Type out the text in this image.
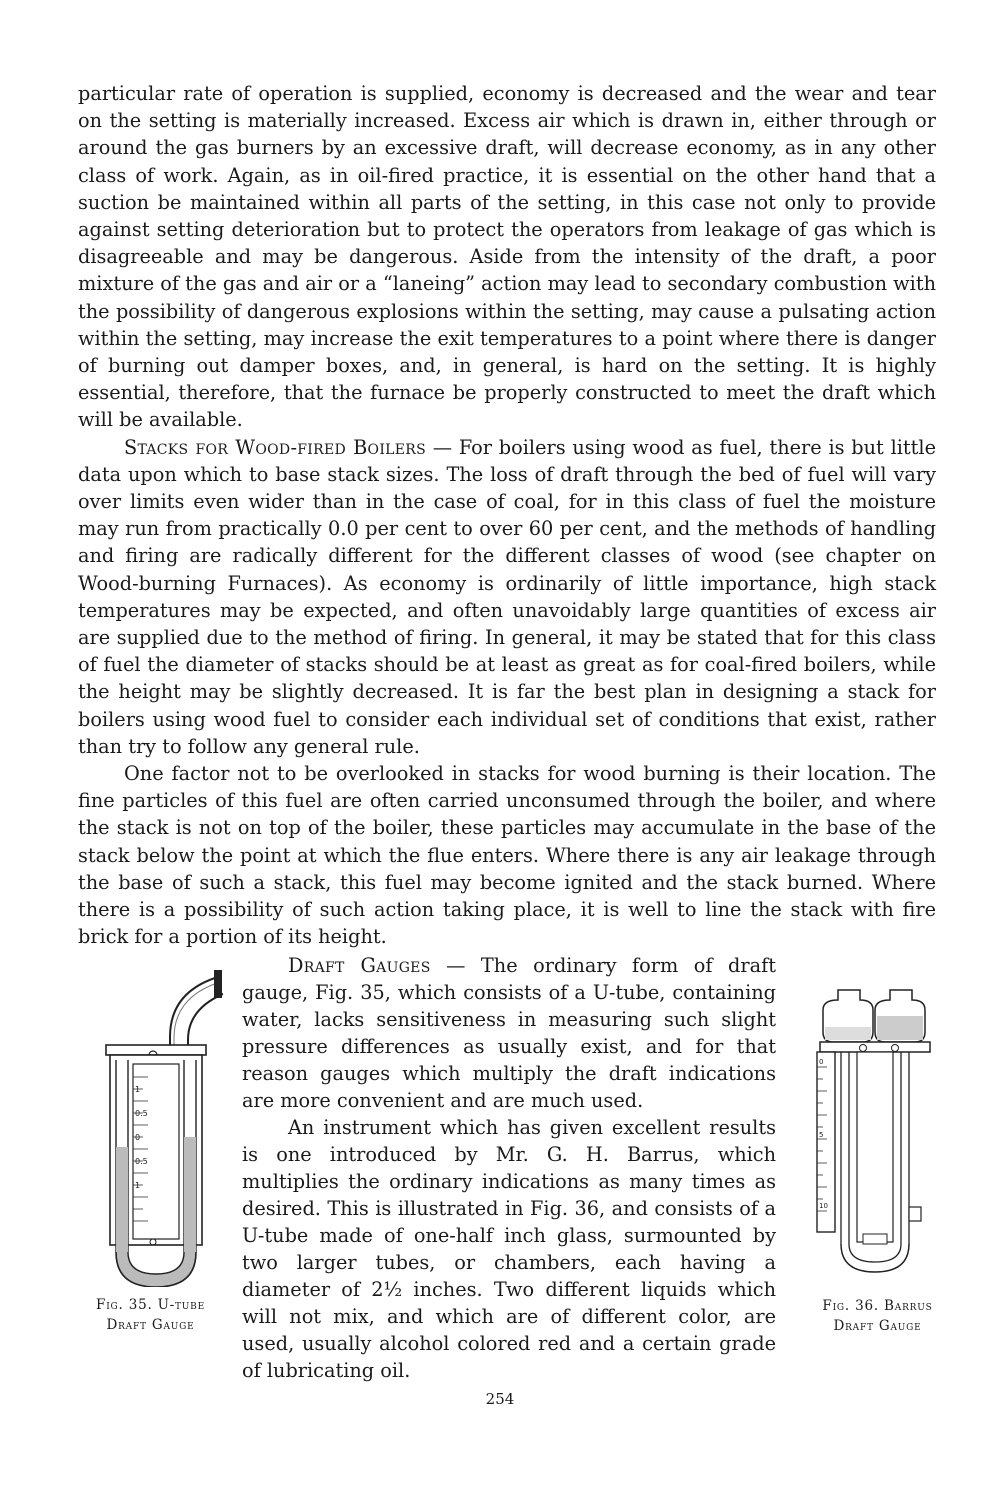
particular rate of operation is supplied, economy is decreased and the wear and tear on the setting is materially increased. Excess air which is drawn in, either through or around the gas burners by an excessive draft, will decrease economy, as in any other class of work. Again, as in oil-fired practice, it is essential on the other hand that a suction be maintained within all parts of the setting, in this case not only to provide against setting deterioration but to protect the operators from leakage of gas which is disagreeable and may be dangerous. Aside from the intensity of the draft, a poor mixture of the gas and air or a “laneing” action may lead to secondary combustion with the possibility of dangerous explosions within the setting, may cause a pulsating action within the setting, may increase the exit temperatures to a point where there is danger of burning out damper boxes, and, in general, is hard on the setting. It is highly essential, therefore, that the furnace be properly constructed to meet the draft which will be available.

Stacks for Wood-fired Boilers — For boilers using wood as fuel, there is but little data upon which to base stack sizes. The loss of draft through the bed of fuel will vary over limits even wider than in the case of coal, for in this class of fuel the moisture may run from practically 0.0 per cent to over 60 per cent, and the methods of handling and firing are radically different for the different classes of wood (see chapter on Wood-burning Furnaces). As economy is ordinarily of little importance, high stack temperatures may be expected, and often unavoidably large quantities of excess air are supplied due to the method of firing. In general, it may be stated that for this class of fuel the diameter of stacks should be at least as great as for coal-fired boilers, while the height may be slightly decreased. It is far the best plan in designing a stack for boilers using wood fuel to consider each individual set of conditions that exist, rather than try to follow any general rule.

One factor not to be overlooked in stacks for wood burning is their location. The fine particles of this fuel are often carried unconsumed through the boiler, and where the stack is not on top of the boiler, these particles may accumulate in the base of the stack below the point at which the flue enters. Where there is any air leakage through the base of such a stack, this fuel may become ignited and the stack burned. Where there is a possibility of such action taking place, it is well to line the stack with fire brick for a portion of its height.

1
0.5
0
0.5
1
Fig. 35. U-tube
Draft Gauge

Draft Gauges — The ordinary form of draft gauge, Fig. 35, which consists of a U-tube, containing water, lacks sensitiveness in measuring such slight pressure differences as usually exist, and for that reason gauges which multiply the draft indications are more convenient and are much used.

An instrument which has given excellent results is one introduced by Mr. G. H. Barrus, which multiplies the ordinary indications as many times as desired. This is illustrated in Fig. 36, and consists of a U-tube made of one-half inch glass, surmounted by two larger tubes, or chambers, each having a diameter of 2½ inches. Two different liquids which will not mix, and which are of different color, are used, usually alcohol colored red and a certain grade of lubricating oil.

0
5
10
Fig. 36. Barrus
Draft Gauge
254
